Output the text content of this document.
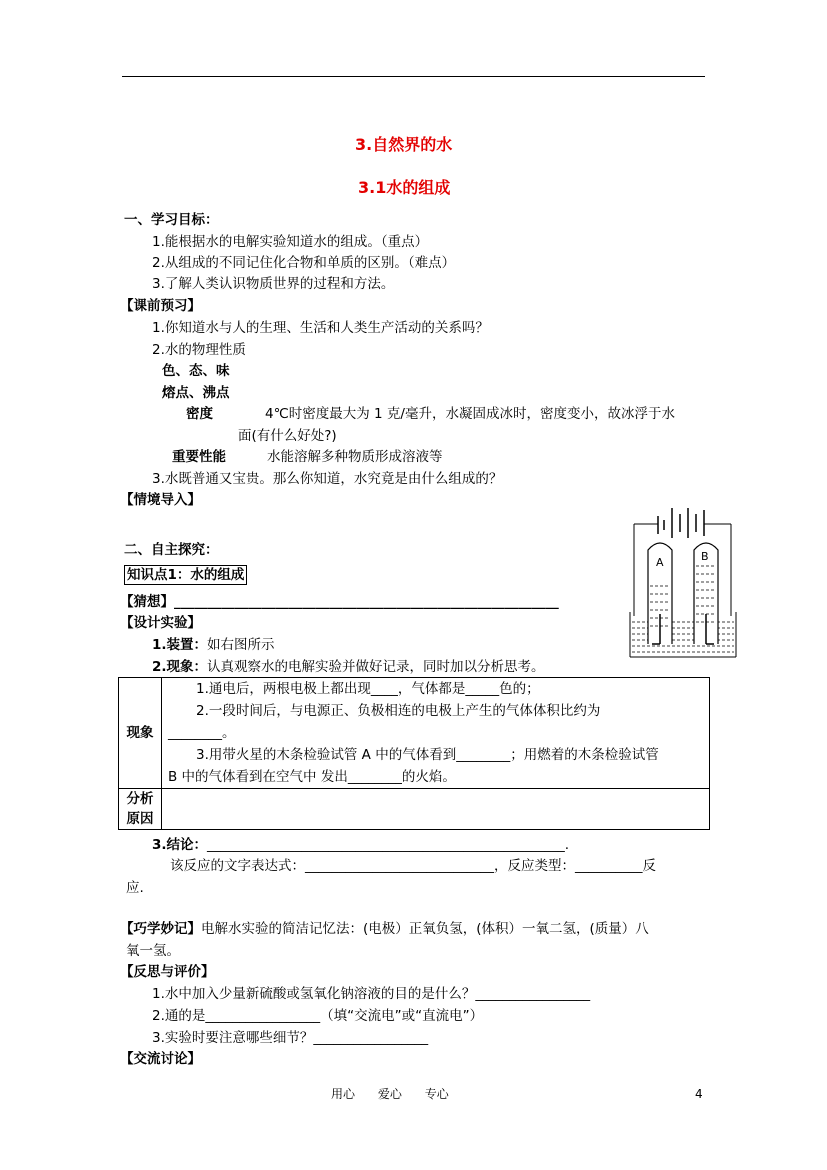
3.自然界的水
3.1水的组成
一、学习目标：
1.能根据水的电解实验知道水的组成。（重点）
2.从组成的不同记住化合物和单质的区别。（难点）
3.了解人类认识物质世界的过程和方法。
【课前预习】
1.你知道水与人的生理、生活和人类生产活动的关系吗？
2.水的物理性质
色、态、味
熔点、沸点
密度	4℃时密度最大为 1 克/毫升，水凝固成冰时，密度变小，故冰浮于水
面(有什么好处?)
重要性能	水能溶解多种物质形成溶液等
3.水既普通又宝贵。那么你知道，水究竟是由什么组成的？
【情境导入】
二、自主探究：
知识点1：水的组成
【猜想】_________________________________________________________
【设计实验】
1.装置：如右图所示
2.现象：认真观察水的电解实验并做好记录，同时加以分析思考。
A	B
现象	1.通电后，两根电极上都出现____，气体都是_____色的；
2.一段时间后，与电源正、负极相连的电极上产生的气体体积比约为
________。
3.用带火星的木条检验试管 A 中的气体看到________；用燃着的木条检验试管
B 中的气体看到在空气中 发出________的火焰。

分析
原因	

3.结论：_____________________________________________________.
该反应的文字表达式：____________________________，反应类型：__________反
应.
【巧学妙记】电解水实验的简洁记忆法：(电极）正氧负氢，(体积）一氧二氢，(质量）八
氧一氢。
【反思与评价】
1.水中加入少量新硫酸或氢氧化钠溶液的目的是什么？_________________
2.通的是_________________（填“交流电”或“直流电”）
3.实验时要注意哪些细节？_________________
【交流讨论】
用心      爱心      专心	4
